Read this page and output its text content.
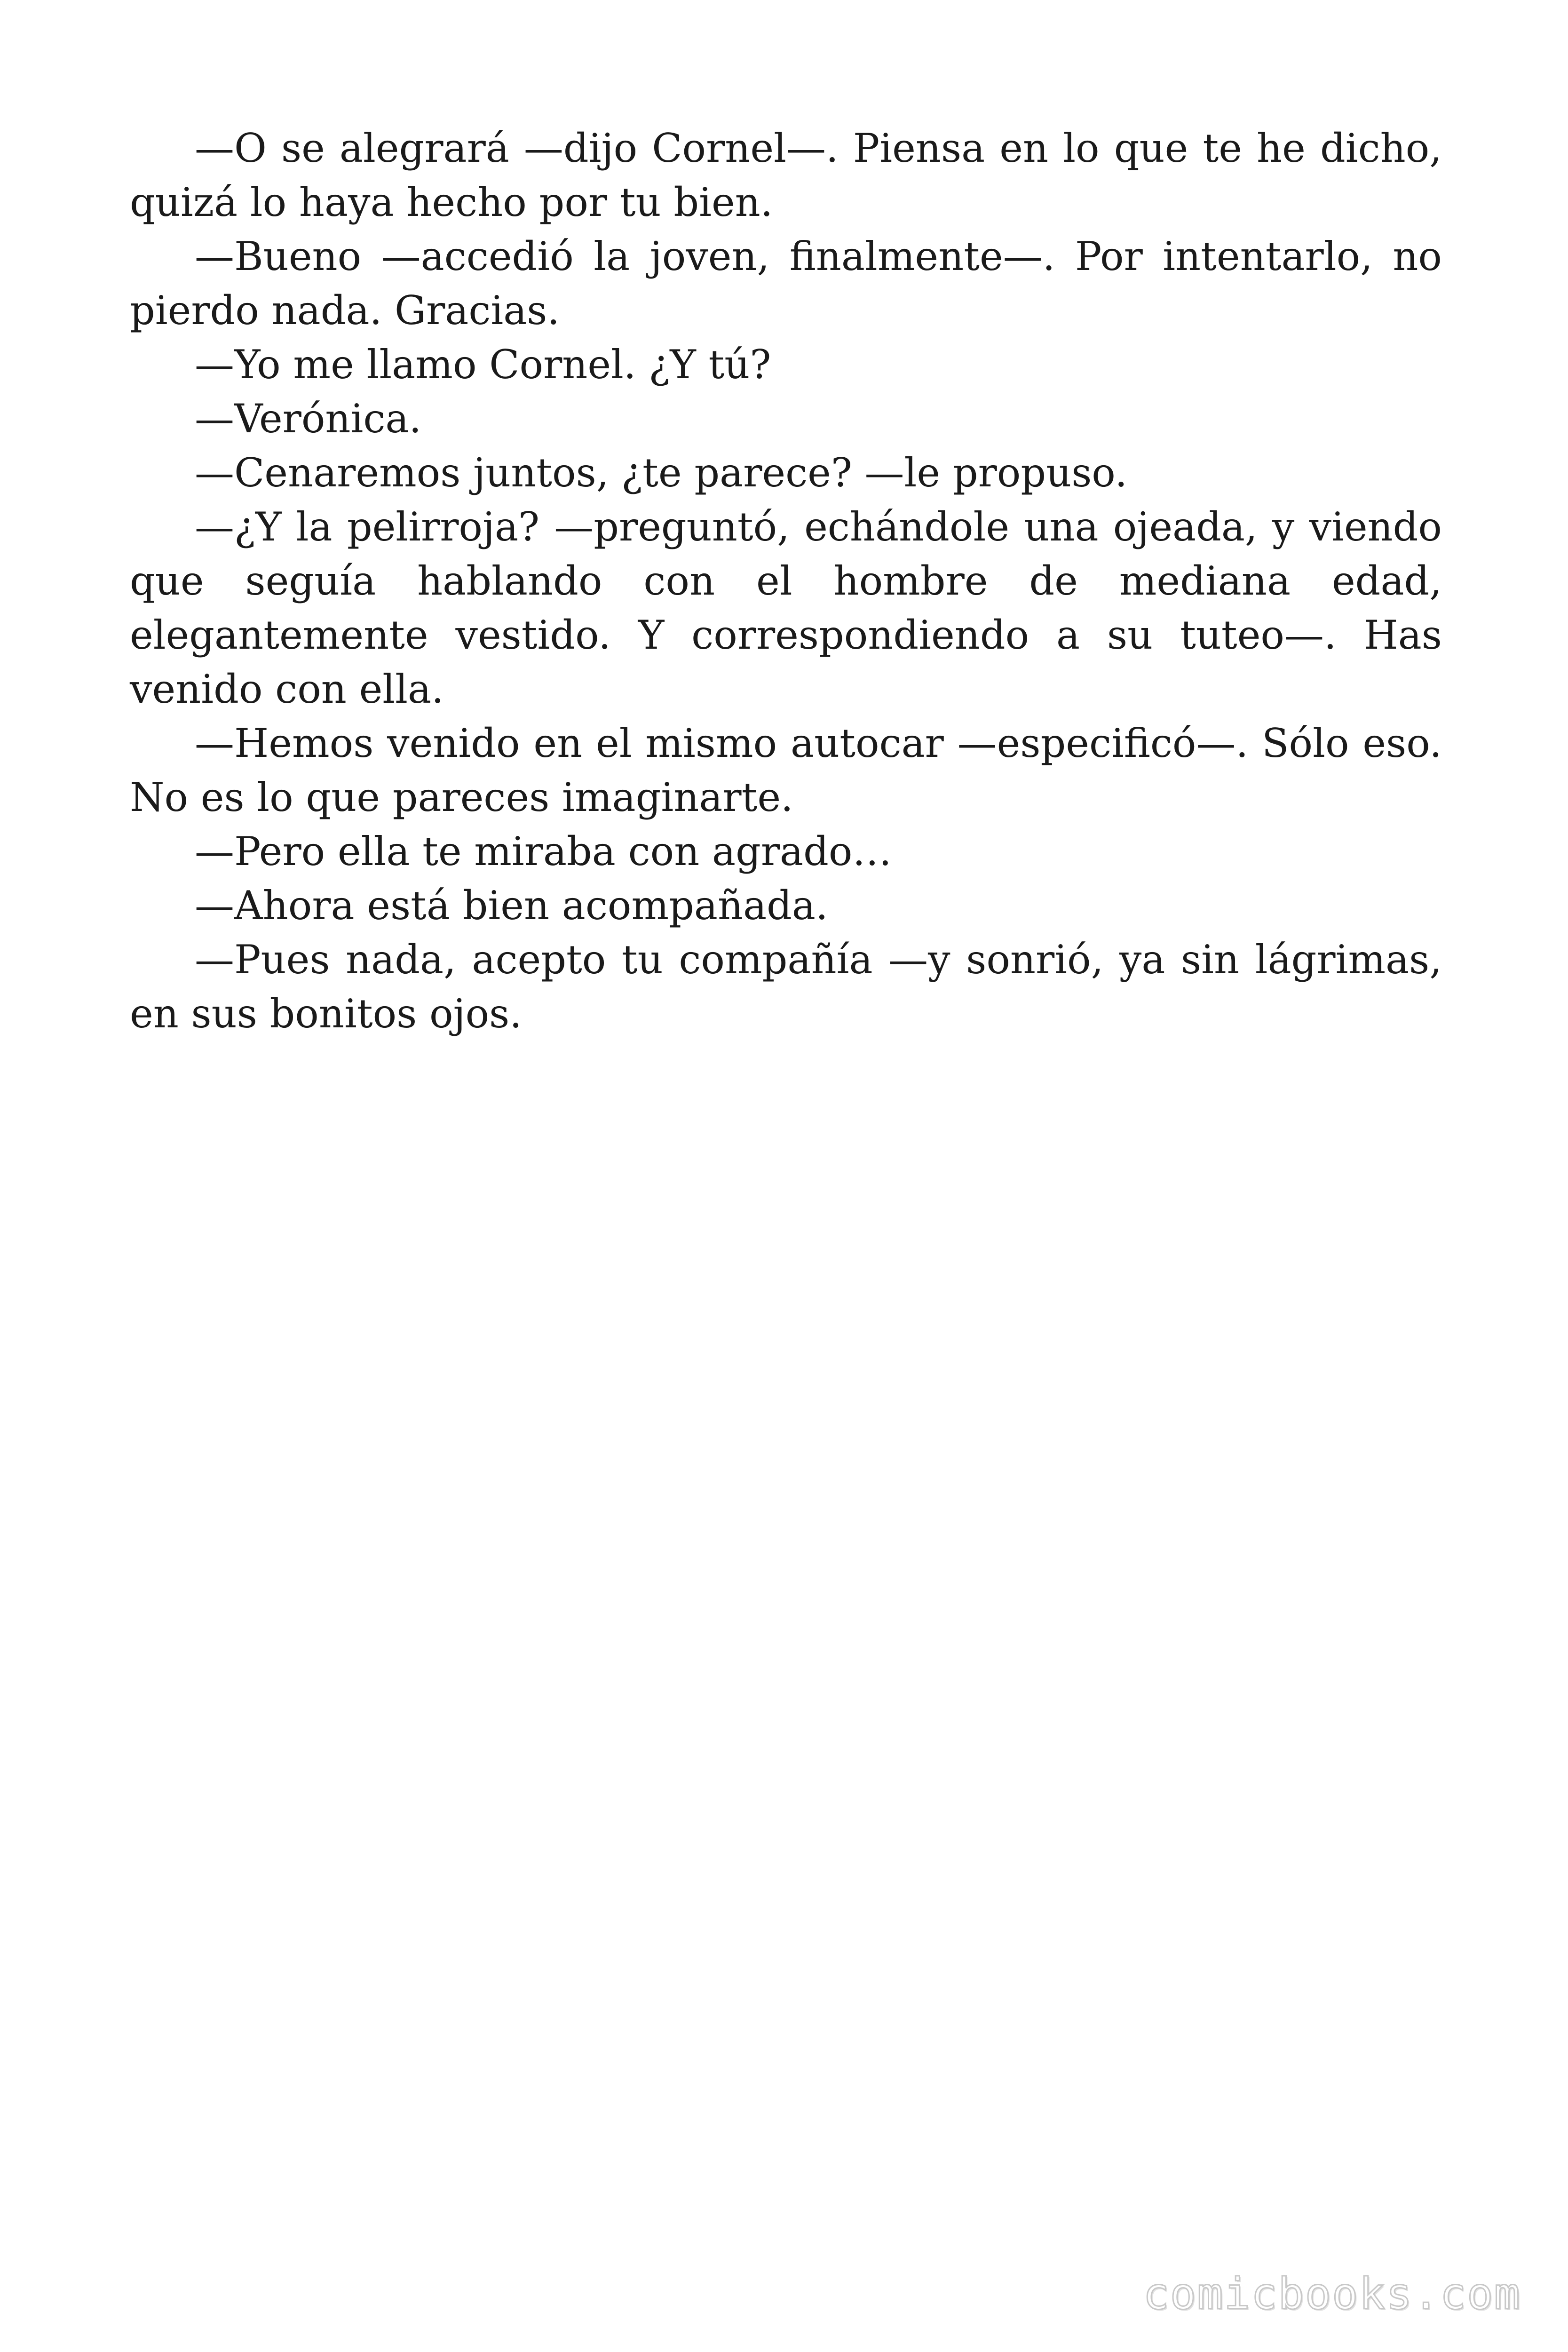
—O se alegrará —dijo Cornel—. Piensa en lo que te he dicho, quizá lo haya hecho por tu bien.

—Bueno —accedió la joven, finalmente—. Por intentarlo, no pierdo nada. Gracias.

—Yo me llamo Cornel. ¿Y tú?

—Verónica.

—Cenaremos juntos, ¿te parece? —le propuso.

—¿Y la pelirroja? —preguntó, echándole una ojeada, y viendo que seguía hablando con el hombre de mediana edad, elegantemente vestido. Y correspondiendo a su tuteo—. Has venido con ella.

—Hemos venido en el mismo autocar —especificó—. Sólo eso. No es lo que pareces imaginarte.

—Pero ella te miraba con agrado…

—Ahora está bien acompañada.

—Pues nada, acepto tu compañía —y sonrió, ya sin lágrimas, en sus bonitos ojos.

comicbooks.com
